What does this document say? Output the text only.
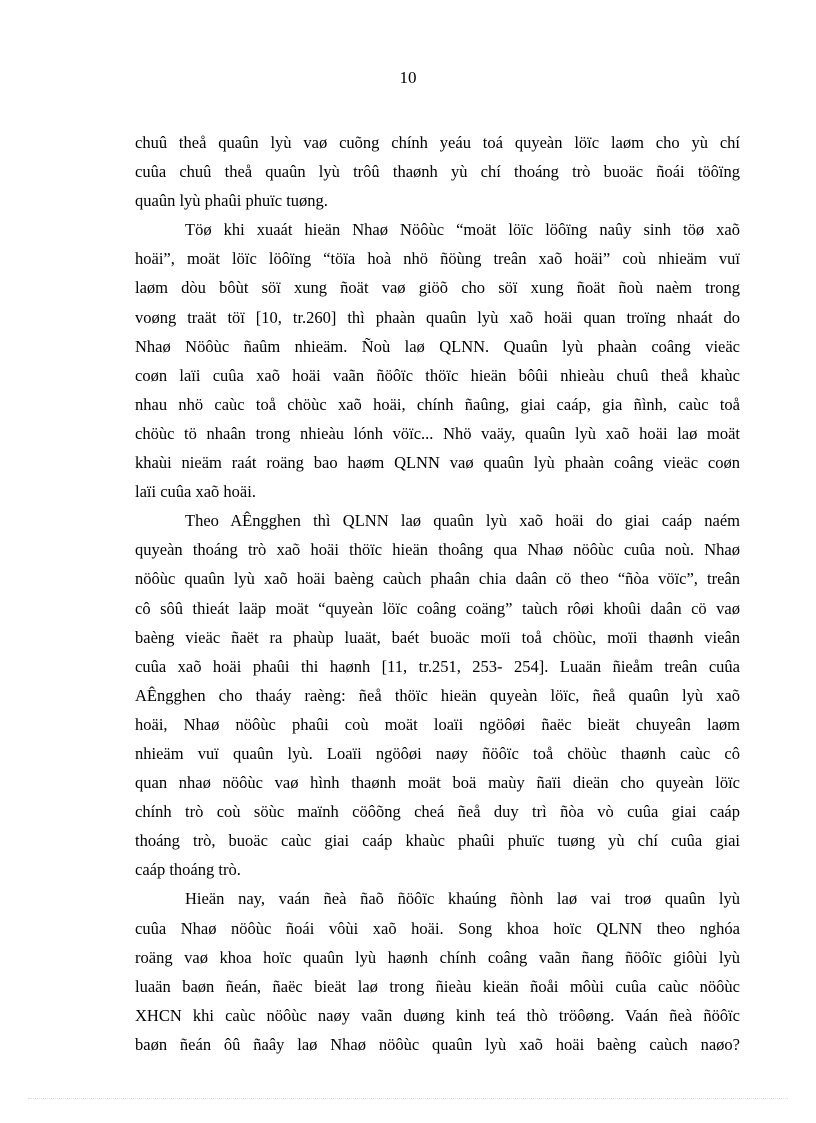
10

chuû theå quaûn lyù vaø cuõng chính yeáu toá quyeàn löïc laøm cho yù chí
cuûa chuû theå quaûn lyù trôû thaønh yù chí thoáng trò buoäc ñoái töôïng
quaûn lyù phaûi phuïc tuøng.

Töø khi xuaát hieän Nhaø Nöôùc “moät löïc löôïng naûy sinh töø xaõ
hoäi”, moät löïc löôïng “töïa hoà nhö ñöùng treân xaõ hoäi” coù nhieäm vuï
laøm dòu bôùt söï xung ñoät vaø giöõ cho söï xung ñoät ñoù naèm trong
voøng traät töï [10, tr.260] thì phaàn quaûn lyù xaõ hoäi quan troïng nhaát do
Nhaø Nöôùc ñaûm nhieäm. Ñoù laø QLNN. Quaûn lyù phaàn coâng vieäc
coøn laïi cuûa xaõ hoäi vaãn ñöôïc thöïc hieän bôûi nhieàu chuû theå khaùc
nhau nhö caùc toå chöùc xaõ hoäi, chính ñaûng, giai caáp, gia ñình, caùc toå
chöùc tö nhaân trong nhieàu lónh vöïc... Nhö vaäy, quaûn lyù xaõ hoäi laø moät
khaùi nieäm raát roäng bao haøm QLNN vaø quaûn lyù phaàn coâng vieäc coøn
laïi cuûa xaõ hoäi.

Theo AÊngghen thì QLNN laø quaûn lyù xaõ hoäi do giai caáp naém
quyeàn thoáng trò xaõ hoäi thöïc hieän thoâng qua Nhaø nöôùc cuûa noù. Nhaø
nöôùc quaûn lyù xaõ hoäi baèng caùch phaân chia daân cö theo “ñòa vöïc”, treân
cô sôû thieát laäp moät “quyeàn löïc coâng coäng” taùch rôøi khoûi daân cö vaø
baèng vieäc ñaët ra phaùp luaät, baét buoäc moïi toå chöùc, moïi thaønh vieân
cuûa xaõ hoäi phaûi thi haønh [11, tr.251, 253- 254]. Luaän ñieåm treân cuûa
AÊngghen cho thaáy raèng: ñeå thöïc hieän quyeàn löïc, ñeå quaûn lyù xaõ
hoäi, Nhaø nöôùc phaûi coù moät loaïi ngöôøi ñaëc bieät chuyeân laøm
nhieäm vuï quaûn lyù. Loaïi ngöôøi naøy ñöôïc toå chöùc thaønh caùc cô
quan nhaø nöôùc vaø hình thaønh moät boä maùy ñaïi dieän cho quyeàn löïc
chính trò coù söùc maïnh cöôõng cheá ñeå duy trì ñòa vò cuûa giai caáp
thoáng trò, buoäc caùc giai caáp khaùc phaûi phuïc tuøng yù chí cuûa giai
caáp thoáng trò.

Hieän nay, vaán ñeà ñaõ ñöôïc khaúng ñònh laø vai troø quaûn lyù
cuûa Nhaø nöôùc ñoái vôùi xaõ hoäi. Song khoa hoïc QLNN theo nghóa
roäng vaø khoa hoïc quaûn lyù haønh chính coâng vaãn ñang ñöôïc giôùi lyù
luaän baøn ñeán, ñaëc bieät laø trong ñieàu kieän ñoåi môùi cuûa caùc nöôùc
XHCN khi caùc nöôùc naøy vaãn duøng kinh teá thò tröôøng. Vaán ñeà ñöôïc
baøn ñeán ôû ñaây laø Nhaø nöôùc quaûn lyù xaõ hoäi baèng caùch naøo?
